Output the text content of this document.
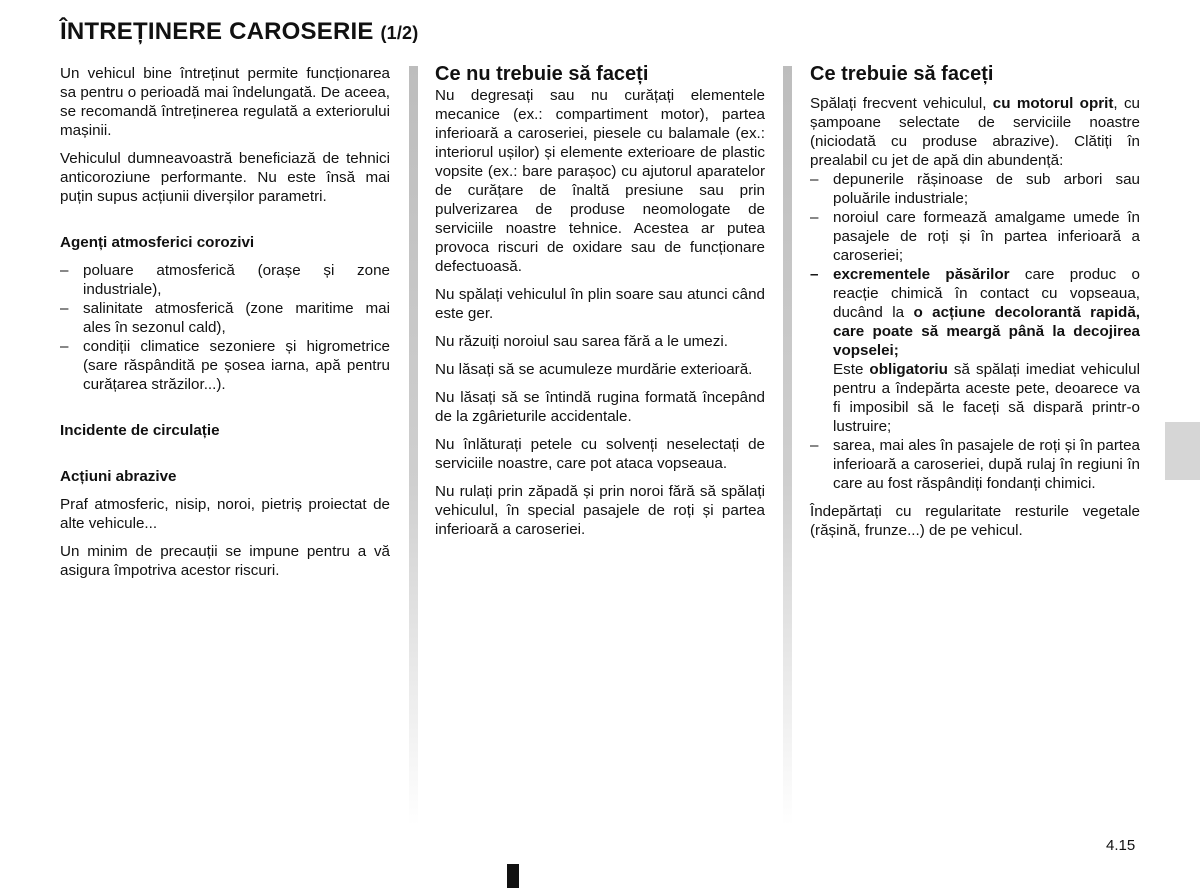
ÎNTREȚINERE CAROSERIE (1/2)

Un vehicul bine întreținut permite funcționarea sa pentru o perioadă mai îndelungată. De aceea, se recomandă întreținerea regulată a exteriorului mașinii.

Vehiculul dumneavoastră beneficiază de tehnici anticoroziune performante. Nu este însă mai puțin supus acțiunii diverșilor parametri.

Agenți atmosferici corozivi

– poluare atmosferică (orașe și zone industriale),
– salinitate atmosferică (zone maritime mai ales în sezonul cald),
– condiții climatice sezoniere și higrometrice (sare răspândită pe șosea iarna, apă pentru curățarea străzilor...).

Incidente de circulație

Acțiuni abrazive

Praf atmosferic, nisip, noroi, pietriș proiectat de alte vehicule...

Un minim de precauții se impune pentru a vă asigura împotriva acestor riscuri.

Ce nu trebuie să faceți

Nu degresați sau nu curățați elementele mecanice (ex.: compartiment motor), partea inferioară a caroseriei, piesele cu balamale (ex.: interiorul ușilor) și elemente exterioare de plastic vopsite (ex.: bare parașoc) cu ajutorul aparatelor de curățare de înaltă presiune sau prin pulverizarea de produse neomologate de serviciile noastre tehnice. Acestea ar putea provoca riscuri de oxidare sau de funcționare defectuoasă.

Nu spălați vehiculul în plin soare sau atunci când este ger.

Nu răzuiți noroiul sau sarea fără a le umezi.

Nu lăsați să se acumuleze murdărie exterioară.

Nu lăsați să se întindă rugina formată începând de la zgârieturile accidentale.

Nu înlăturați petele cu solvenți neselectați de serviciile noastre, care pot ataca vopseaua.

Nu rulați prin zăpadă și prin noroi fără să spălați vehiculul, în special pasajele de roți și partea inferioară a caroseriei.

Ce trebuie să faceți

Spălați frecvent vehiculul, cu motorul oprit, cu șampoane selectate de serviciile noastre (niciodată cu produse abrazive). Clătiți în prealabil cu jet de apă din abundență:

– depunerile rășinoase de sub arbori sau poluările industriale;
– noroiul care formează amalgame umede în pasajele de roți și în partea inferioară a caroseriei;
– excrementele păsărilor care produc o reacție chimică în contact cu vopseaua, ducând la o acțiune decolorantă rapidă, care poate să meargă până la decojirea vopselei;
Este obligatoriu să spălați imediat vehiculul pentru a îndepărta aceste pete, deoarece va fi imposibil să le faceți să dispară printr-o lustruire;
– sarea, mai ales în pasajele de roți și în partea inferioară a caroseriei, după rulaj în regiuni în care au fost răspândiți fondanți chimici.

Îndepărtați cu regularitate resturile vegetale (rășină, frunze...) de pe vehicul.

4.15
